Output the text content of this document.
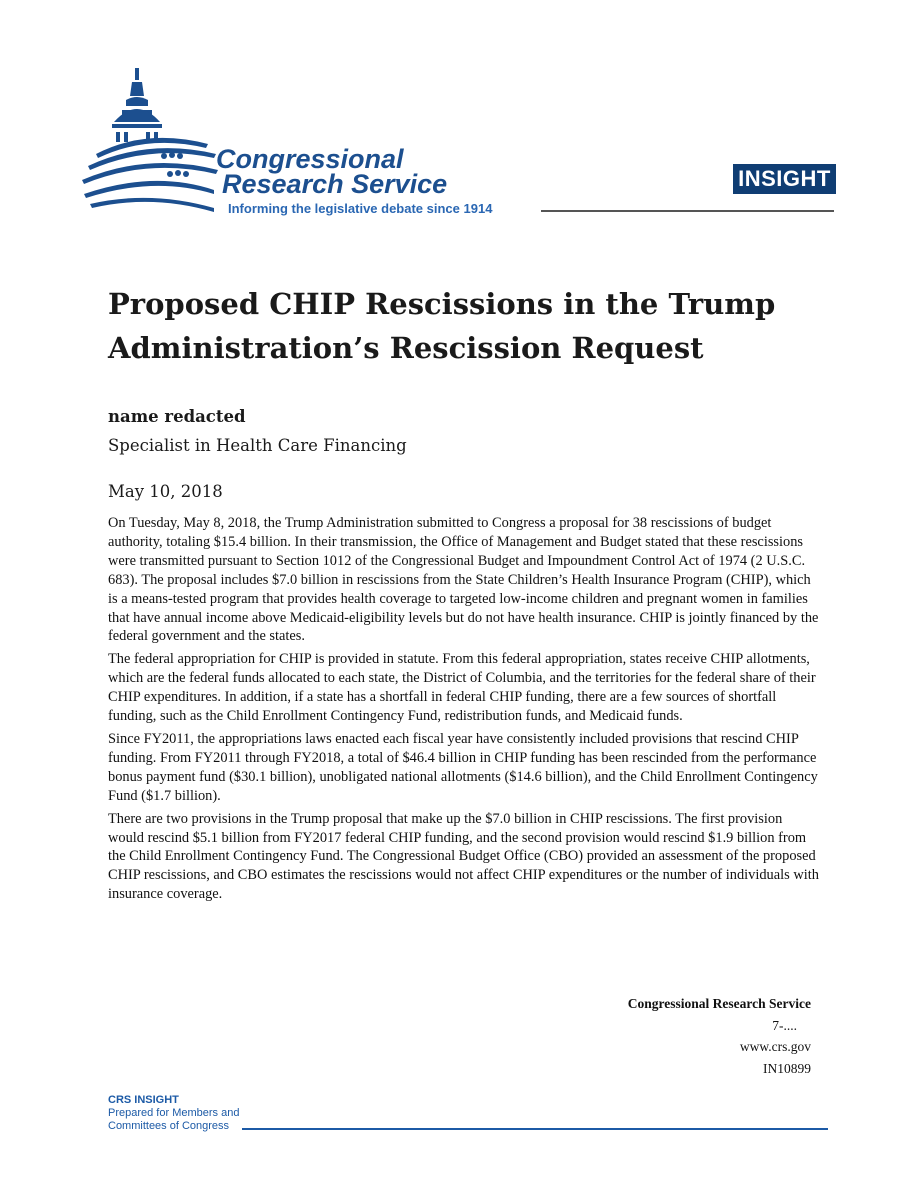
Congressional
Research Service
Informing the legislative debate since 1914
INSIGHT
Proposed CHIP Rescissions in the Trump Administration’s Rescission Request
name redacted
Specialist in Health Care Financing
May 10, 2018

On Tuesday, May 8, 2018, the Trump Administration submitted to Congress a proposal for 38 rescissions of budget authority, totaling $15.4 billion. In their transmission, the Office of Management and Budget stated that these rescissions were transmitted pursuant to Section 1012 of the Congressional Budget and Impoundment Control Act of 1974 (2 U.S.C. 683). The proposal includes $7.0 billion in rescissions from the State Children’s Health Insurance Program (CHIP), which is a means-tested program that provides health coverage to targeted low-income children and pregnant women in families that have annual income above Medicaid-eligibility levels but do not have health insurance. CHIP is jointly financed by the federal government and the states.

The federal appropriation for CHIP is provided in statute. From this federal appropriation, states receive CHIP allotments, which are the federal funds allocated to each state, the District of Columbia, and the territories for the federal share of their CHIP expenditures. In addition, if a state has a shortfall in federal CHIP funding, there are a few sources of shortfall funding, such as the Child Enrollment Contingency Fund, redistribution funds, and Medicaid funds.

Since FY2011, the appropriations laws enacted each fiscal year have consistently included provisions that rescind CHIP funding. From FY2011 through FY2018, a total of $46.4 billion in CHIP funding has been rescinded from the performance bonus payment fund ($30.1 billion), unobligated national allotments ($14.6 billion), and the Child Enrollment Contingency Fund ($1.7 billion).

There are two provisions in the Trump proposal that make up the $7.0 billion in CHIP rescissions. The first provision would rescind $5.1 billion from FY2017 federal CHIP funding, and the second provision would rescind $1.9 billion from the Child Enrollment Contingency Fund. The Congressional Budget Office (CBO) provided an assessment of the proposed CHIP rescissions, and CBO estimates the rescissions would not affect CHIP expenditures or the number of individuals with insurance coverage.

Congressional Research Service
7-....
www.crs.gov
IN10899
CRS INSIGHT
Prepared for Members and
Committees of Congress
